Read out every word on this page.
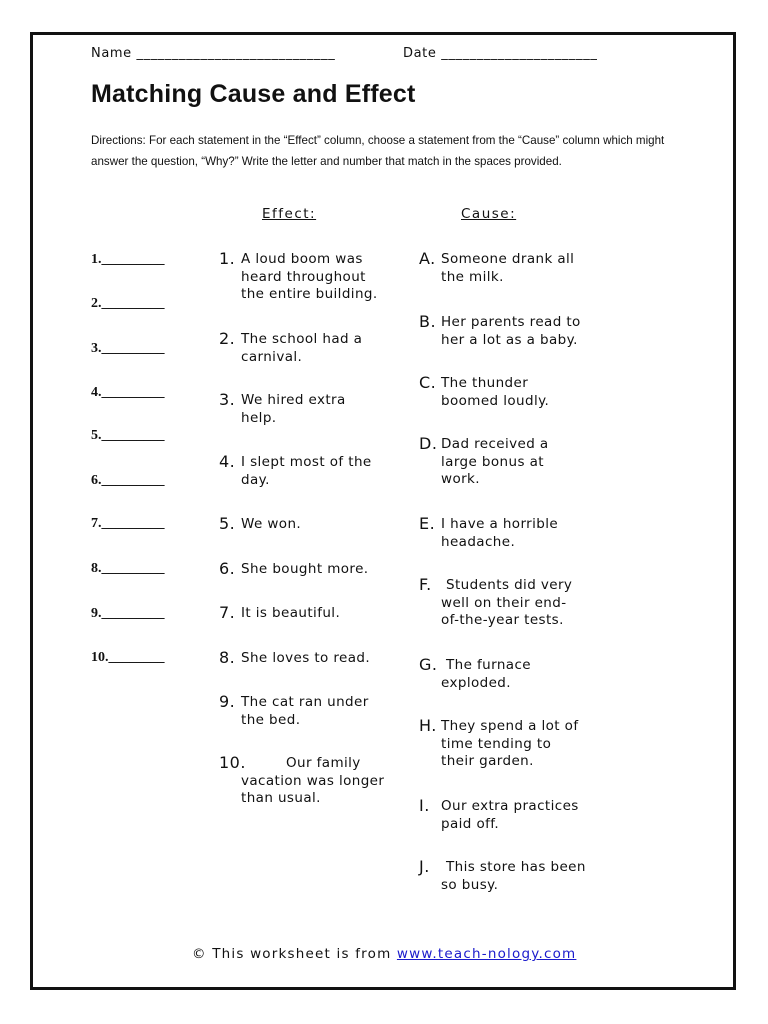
Name ____________________________	Date ______________________
Matching Cause and Effect
Directions: For each statement in the “Effect” column, choose a statement from the “Cause” column which might answer the question, “Why?” Write the letter and number that match in the spaces provided.
Effect:	Cause:
1._________
2._________
3._________
4._________
5._________
6._________
7._________
8._________
9._________
10.________
1. A loud boom was
heard throughout
the entire building.
2. The school had a
carnival.
3. We hired extra
help.
4. I slept most of the
day.
5. We won.
6. She bought more.
7. It is beautiful.
8. She loves to read.
9. The cat ran under
the bed.
10.	Our family
vacation was longer
than usual.
A. Someone drank all
the milk.
B. Her parents read to
her a lot as a baby.
C. The thunder
boomed loudly.
D. Dad received a
large bonus at
work.
E. I have a horrible
headache.
F.	Students did very
well on their end-
of-the-year tests.
G. The furnace
exploded.
H. They spend a lot of
time tending to
their garden.
I. Our extra practices
paid off.
J.	This store has been
so busy.
© This worksheet is from www.teach-nology.com
